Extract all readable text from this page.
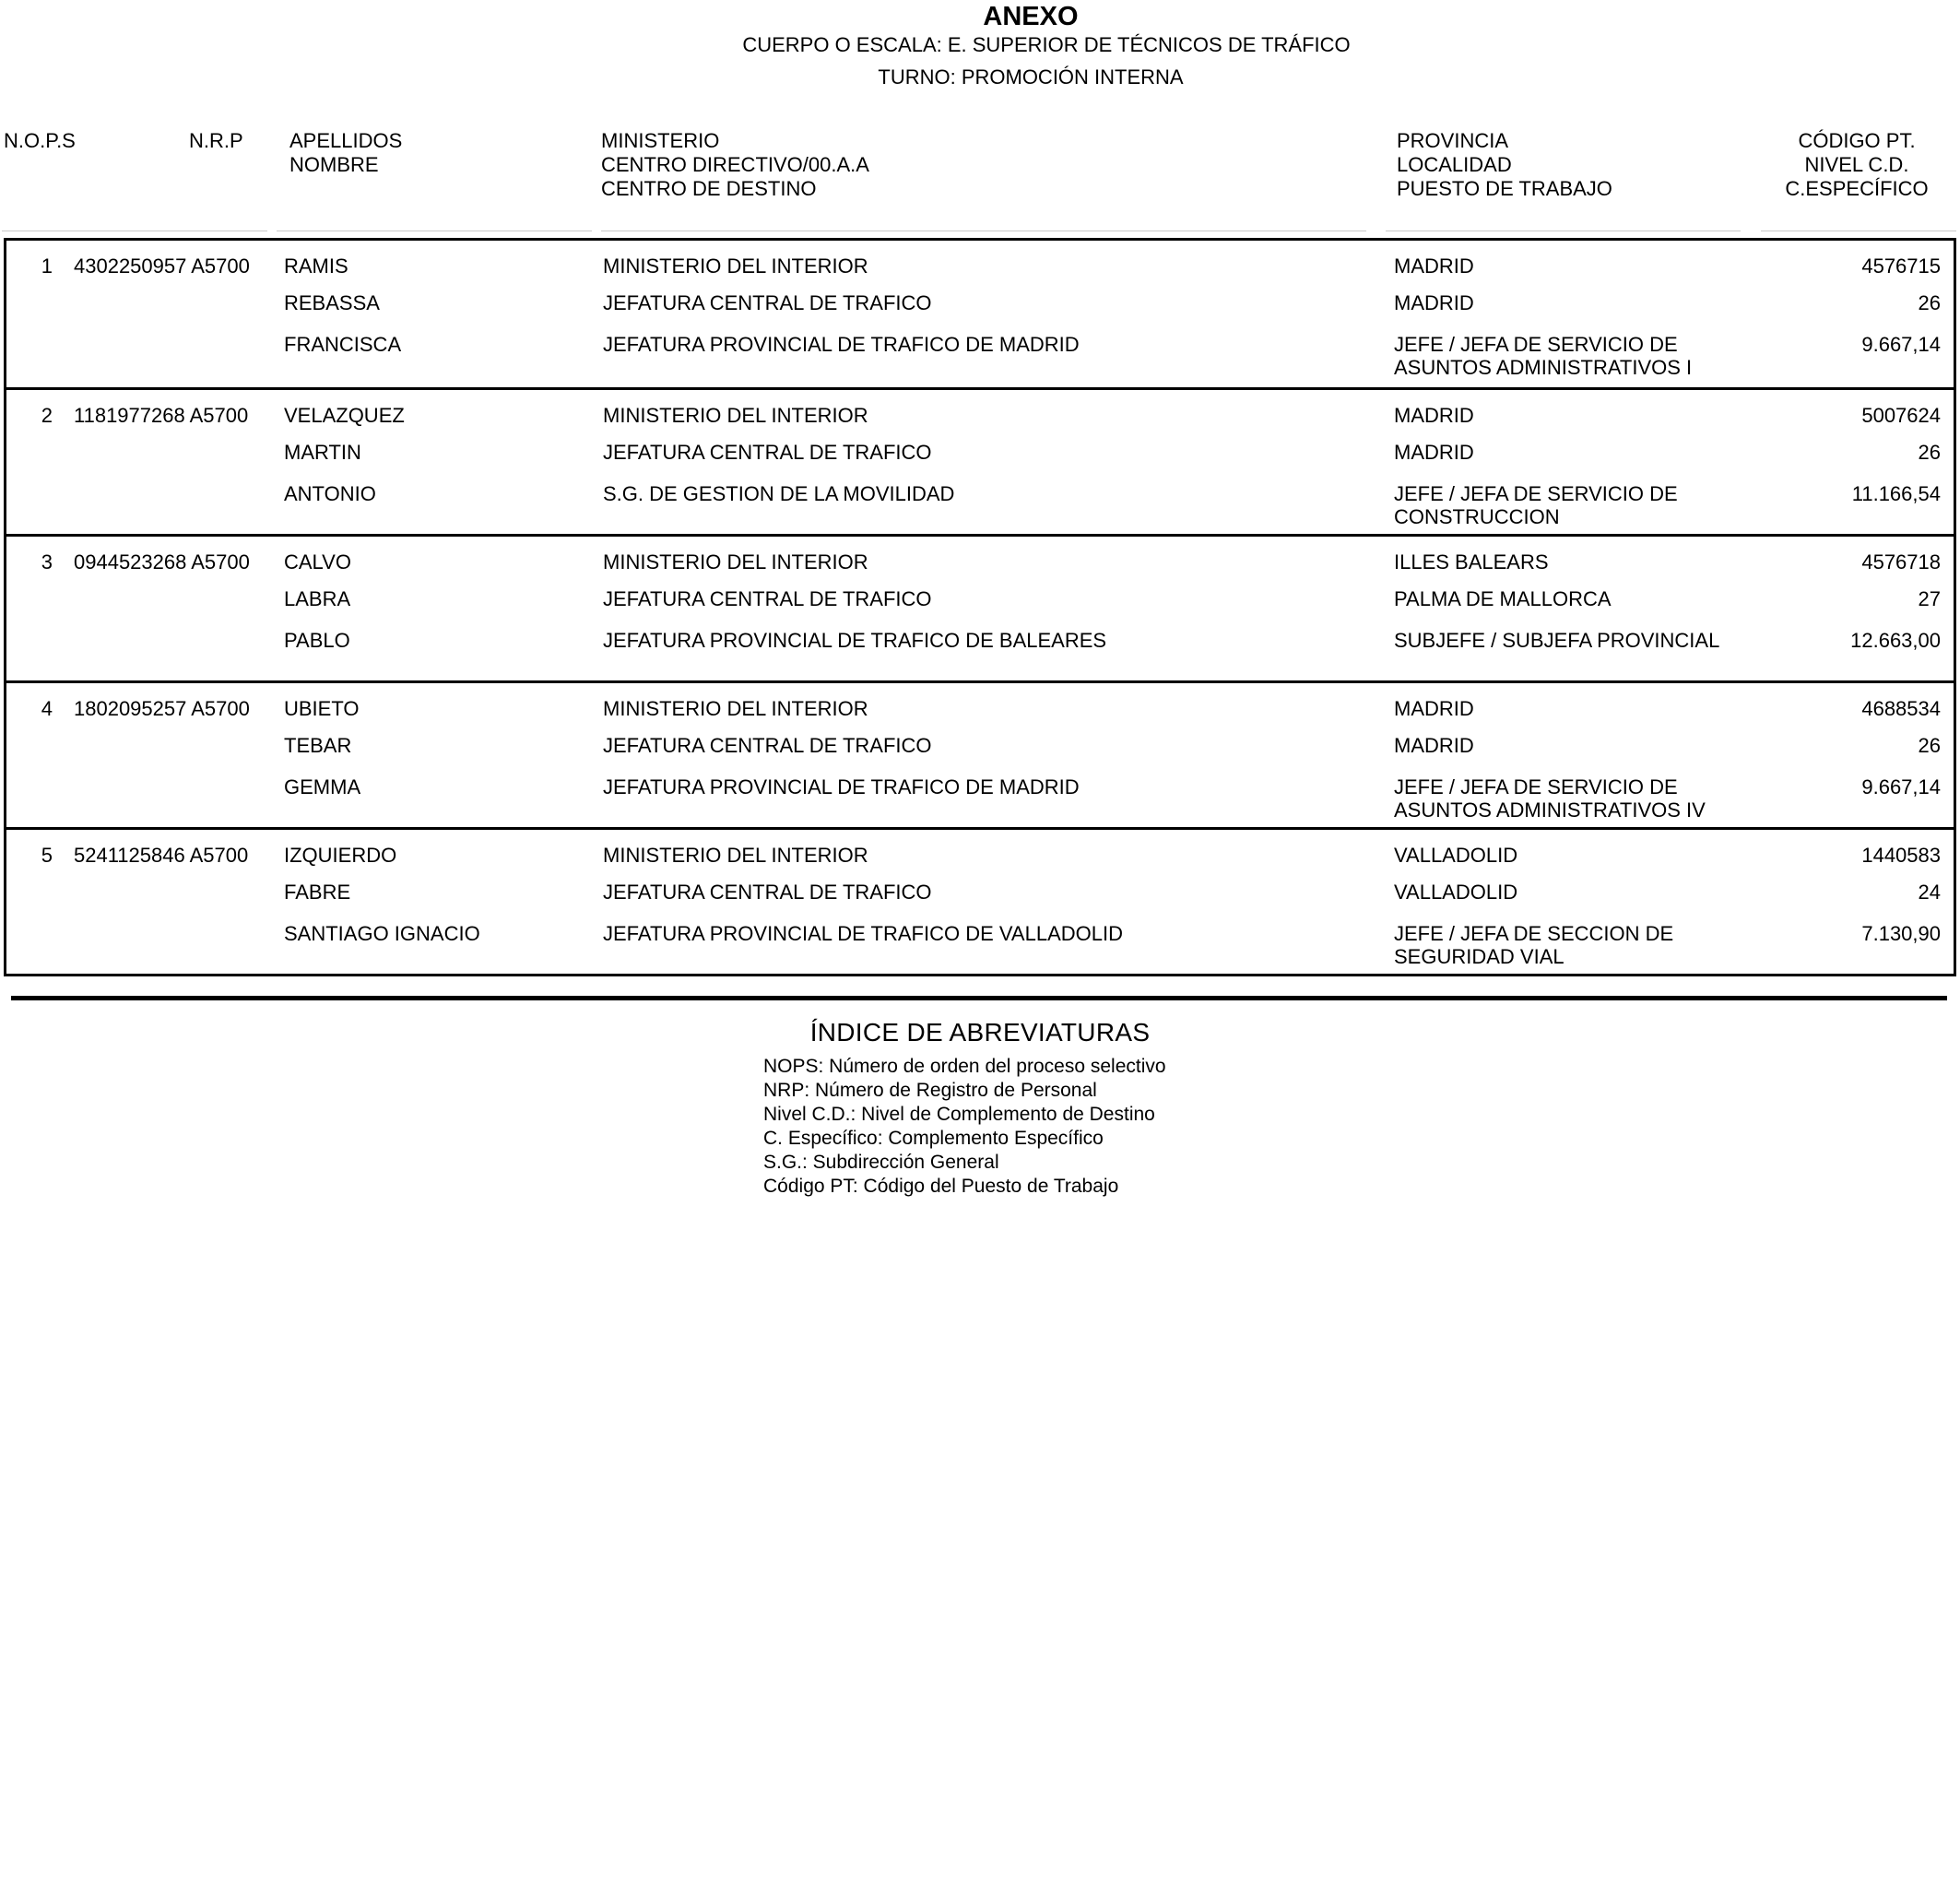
ANEXO
CUERPO O ESCALA: E. SUPERIOR DE TÉCNICOS DE TRÁFICO
TURNO: PROMOCIÓN INTERNA
N.O.P.S	N.R.P APELLIDOS
NOMBRE
MINISTERIO
CENTRO DIRECTIVO/00.A.A
CENTRO DE DESTINO
PROVINCIA
LOCALIDAD
PUESTO DE TRABAJO
CÓDIGO PT.
NIVEL C.D.
C.ESPECÍFICO
1 4302250957 A5700 RAMIS
REBASSA
FRANCISCA
MINISTERIO DEL INTERIOR
JEFATURA CENTRAL DE TRAFICO
JEFATURA PROVINCIAL DE TRAFICO DE MADRID
MADRID
MADRID
JEFE / JEFA DE SERVICIO DE
ASUNTOS ADMINISTRATIVOS I
4576715
26
9.667,14
2 1181977268 A5700 VELAZQUEZ
MARTIN
ANTONIO
MINISTERIO DEL INTERIOR
JEFATURA CENTRAL DE TRAFICO
S.G. DE GESTION DE LA MOVILIDAD
MADRID
MADRID
JEFE / JEFA DE SERVICIO DE
CONSTRUCCION
5007624
26
11.166,54
3 0944523268 A5700 CALVO
LABRA
PABLO
MINISTERIO DEL INTERIOR
JEFATURA CENTRAL DE TRAFICO
JEFATURA PROVINCIAL DE TRAFICO DE BALEARES
ILLES BALEARS
PALMA DE MALLORCA
SUBJEFE / SUBJEFA PROVINCIAL
4576718
27
12.663,00
4 1802095257 A5700 UBIETO
TEBAR
GEMMA
MINISTERIO DEL INTERIOR
JEFATURA CENTRAL DE TRAFICO
JEFATURA PROVINCIAL DE TRAFICO DE MADRID
MADRID
MADRID
JEFE / JEFA DE SERVICIO DE
ASUNTOS ADMINISTRATIVOS IV
4688534
26
9.667,14
5 5241125846 A5700 IZQUIERDO
FABRE
SANTIAGO IGNACIO
MINISTERIO DEL INTERIOR
JEFATURA CENTRAL DE TRAFICO
JEFATURA PROVINCIAL DE TRAFICO DE VALLADOLID
VALLADOLID
VALLADOLID
JEFE / JEFA DE SECCION DE
SEGURIDAD VIAL
1440583
24
7.130,90
ÍNDICE DE ABREVIATURAS
NOPS: Número de orden del proceso selectivo
NRP: Número de Registro de Personal
Nivel C.D.: Nivel de Complemento de Destino
C. Específico: Complemento Específico
S.G.: Subdirección General
Código PT: Código del Puesto de Trabajo
